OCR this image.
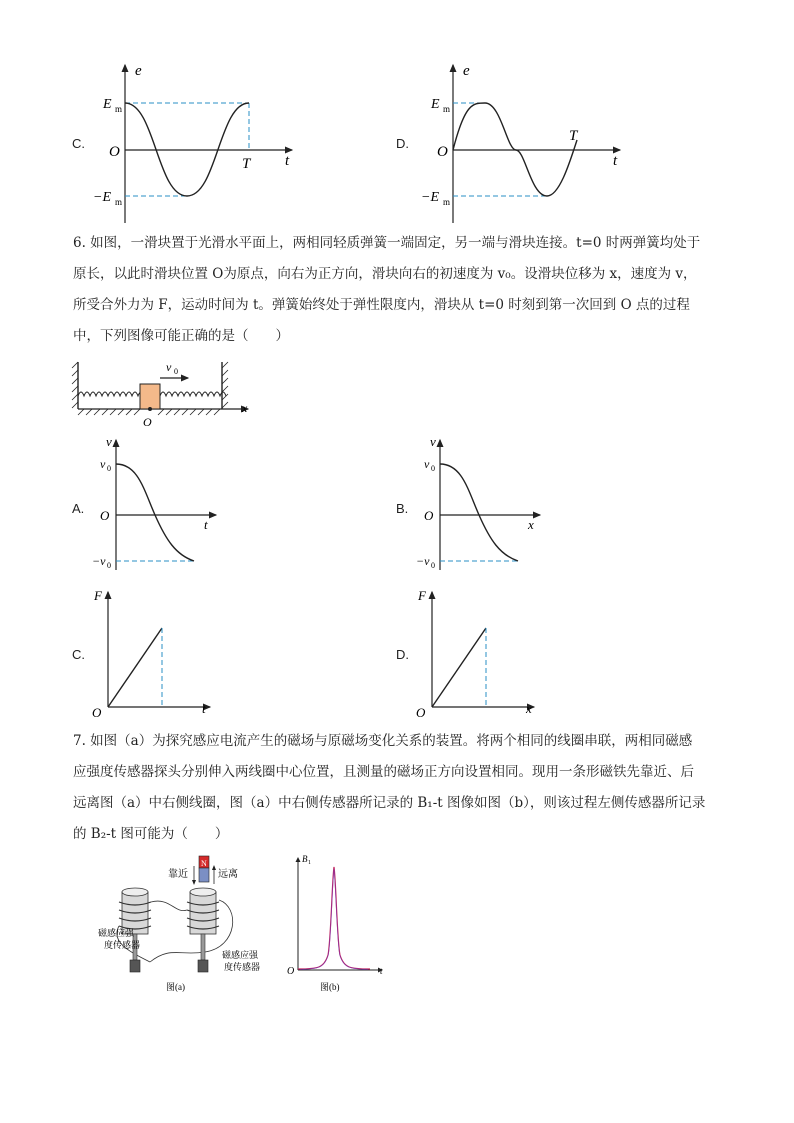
C.
e
O
t
E m
−E m
T
D.
e
O
t
E m
−E m
T
6. 如图，一滑块置于光滑水平面上，两相同轻质弹簧一端固定，另一端与滑块连接。t=0 时两弹簧均处于
原长，以此时滑块位置 O为原点，向右为正方向，滑块向右的初速度为 v₀。设滑块位移为 x，速度为 v，
所受合外力为 F，运动时间为 t。弹簧始终处于弹性限度内，滑块从 t=0 时刻到第一次回到 O 点的过程
中，下列图像可能正确的是（　　）
v 0
O
x
A.
v
O
t
v 0
−v 0
B.
v
O
x
v 0
−v 0
C.
F
O	t
D.
F
O	x
7. 如图（a）为探究感应电流产生的磁场与原磁场变化关系的装置。将两个相同的线圈串联，两相同磁感
应强度传感器探头分别伸入两线圈中心位置，且测量的磁场正方向设置相同。现用一条形磁铁先靠近、后
远离图（a）中右侧线圈，图（a）中右侧传感器所记录的 B₁-t 图像如图（b），则该过程左侧传感器所记录
的 B₂-t 图可能为（　　）
N
靠近	远离
磁感应强
度传感器
磁感应强
度传感器
图(a)
B 1
O	t
图(b)
